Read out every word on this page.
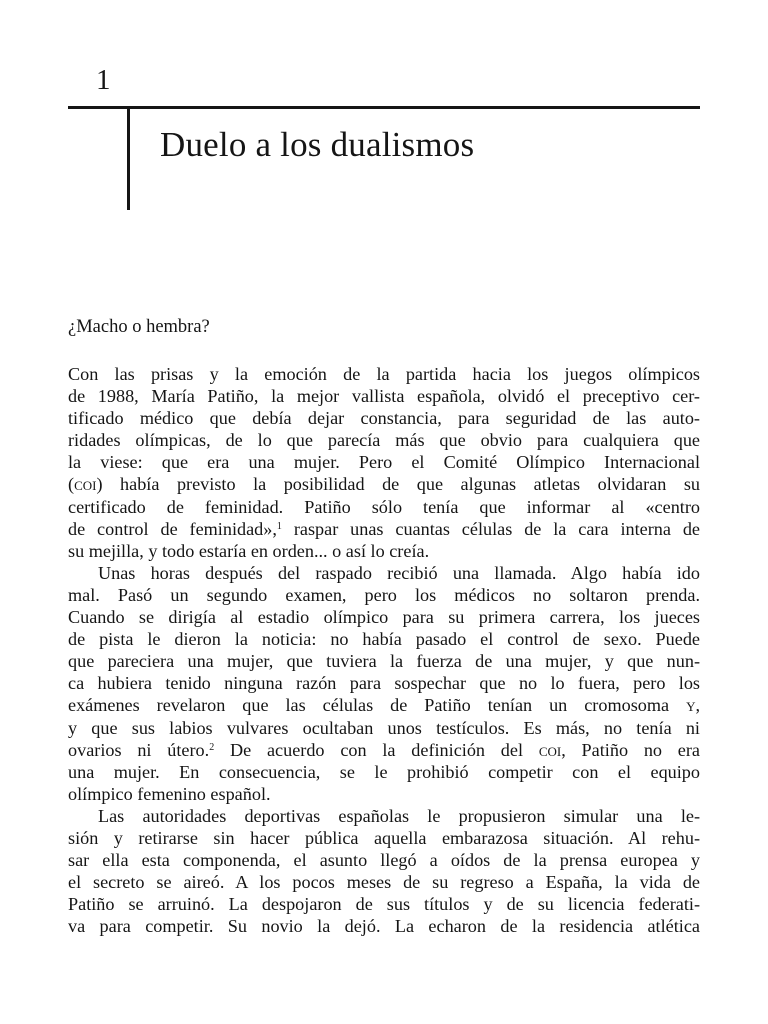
1
Duelo a los dualismos
¿Macho o hembra?

Con las prisas y la emoción de la partida hacia los juegos olímpicos
de 1988, María Patiño, la mejor vallista española, olvidó el preceptivo cer-
tificado médico que debía dejar constancia, para seguridad de las auto-
ridades olímpicas, de lo que parecía más que obvio para cualquiera que
la viese: que era una mujer. Pero el Comité Olímpico Internacional
(coi) había previsto la posibilidad de que algunas atletas olvidaran su
certificado de feminidad. Patiño sólo tenía que informar al «centro
de control de feminidad»,$^1$ raspar unas cuantas células de la cara interna de
su mejilla, y todo estaría en orden... o así lo creía.

Unas horas después del raspado recibió una llamada. Algo había ido
mal. Pasó un segundo examen, pero los médicos no soltaron prenda.
Cuando se dirigía al estadio olímpico para su primera carrera, los jueces
de pista le dieron la noticia: no había pasado el control de sexo. Puede
que pareciera una mujer, que tuviera la fuerza de una mujer, y que nun-
ca hubiera tenido ninguna razón para sospechar que no lo fuera, pero los
exámenes revelaron que las células de Patiño tenían un cromosoma y,
y que sus labios vulvares ocultaban unos testículos. Es más, no tenía ni
ovarios ni útero.$^2$ De acuerdo con la definición del coi, Patiño no era
una mujer. En consecuencia, se le prohibió competir con el equipo
olímpico femenino español.

Las autoridades deportivas españolas le propusieron simular una le-
sión y retirarse sin hacer pública aquella embarazosa situación. Al rehu-
sar ella esta componenda, el asunto llegó a oídos de la prensa europea y
el secreto se aireó. A los pocos meses de su regreso a España, la vida de
Patiño se arruinó. La despojaron de sus títulos y de su licencia federati-
va para competir. Su novio la dejó. La echaron de la residencia atlética
